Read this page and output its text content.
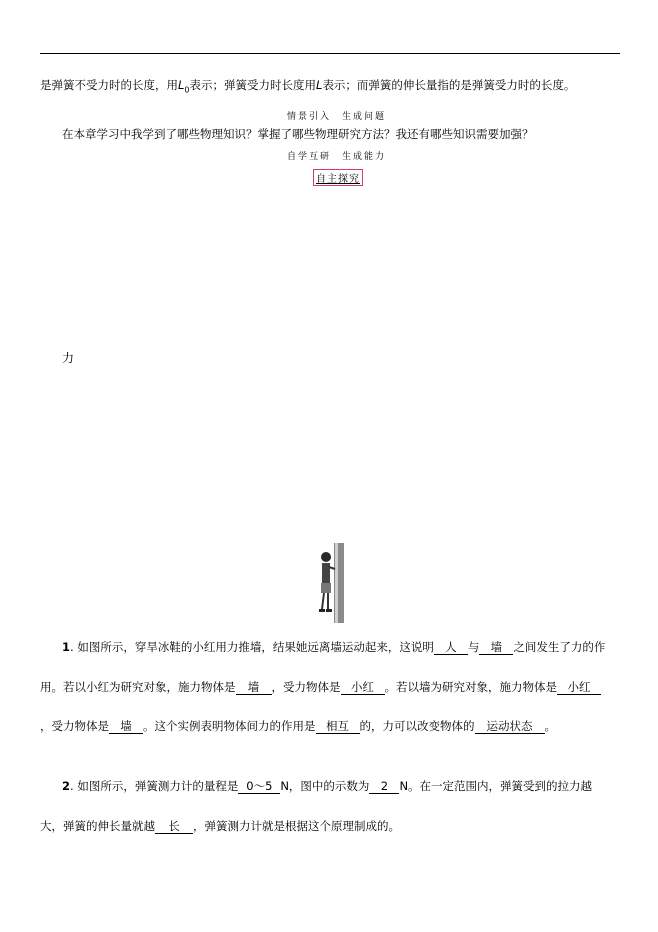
是弹簧不受力时的长度，用$L_0$表示；弹簧受力时长度用L表示；而弹簧的伸长量指的是弹簧受力时的长度。
情景引入　生成问题
在本章学习中我学到了哪些物理知识？掌握了哪些物理研究方法？我还有哪些知识需要加强？
自学互研　生成能力
自主探究
力
1. 如图所示，穿旱冰鞋的小红用力推墙，结果她远离墙运动起来，这说明 人 与 墙 之间发生了力的作
用。若以小红为研究对象，施力物体是 墙 ，受力物体是 小红 。若以墙为研究对象，施力物体是 小红
，受力物体是 墙 。这个实例表明物体间力的作用是 相互 的，力可以改变物体的 运动状态 。
2. 如图所示，弹簧测力计的量程是 0～5 N，图中的示数为 2 N。在一定范围内，弹簧受到的拉力越
大，弹簧的伸长量就越 长 ，弹簧测力计就是根据这个原理制成的。
